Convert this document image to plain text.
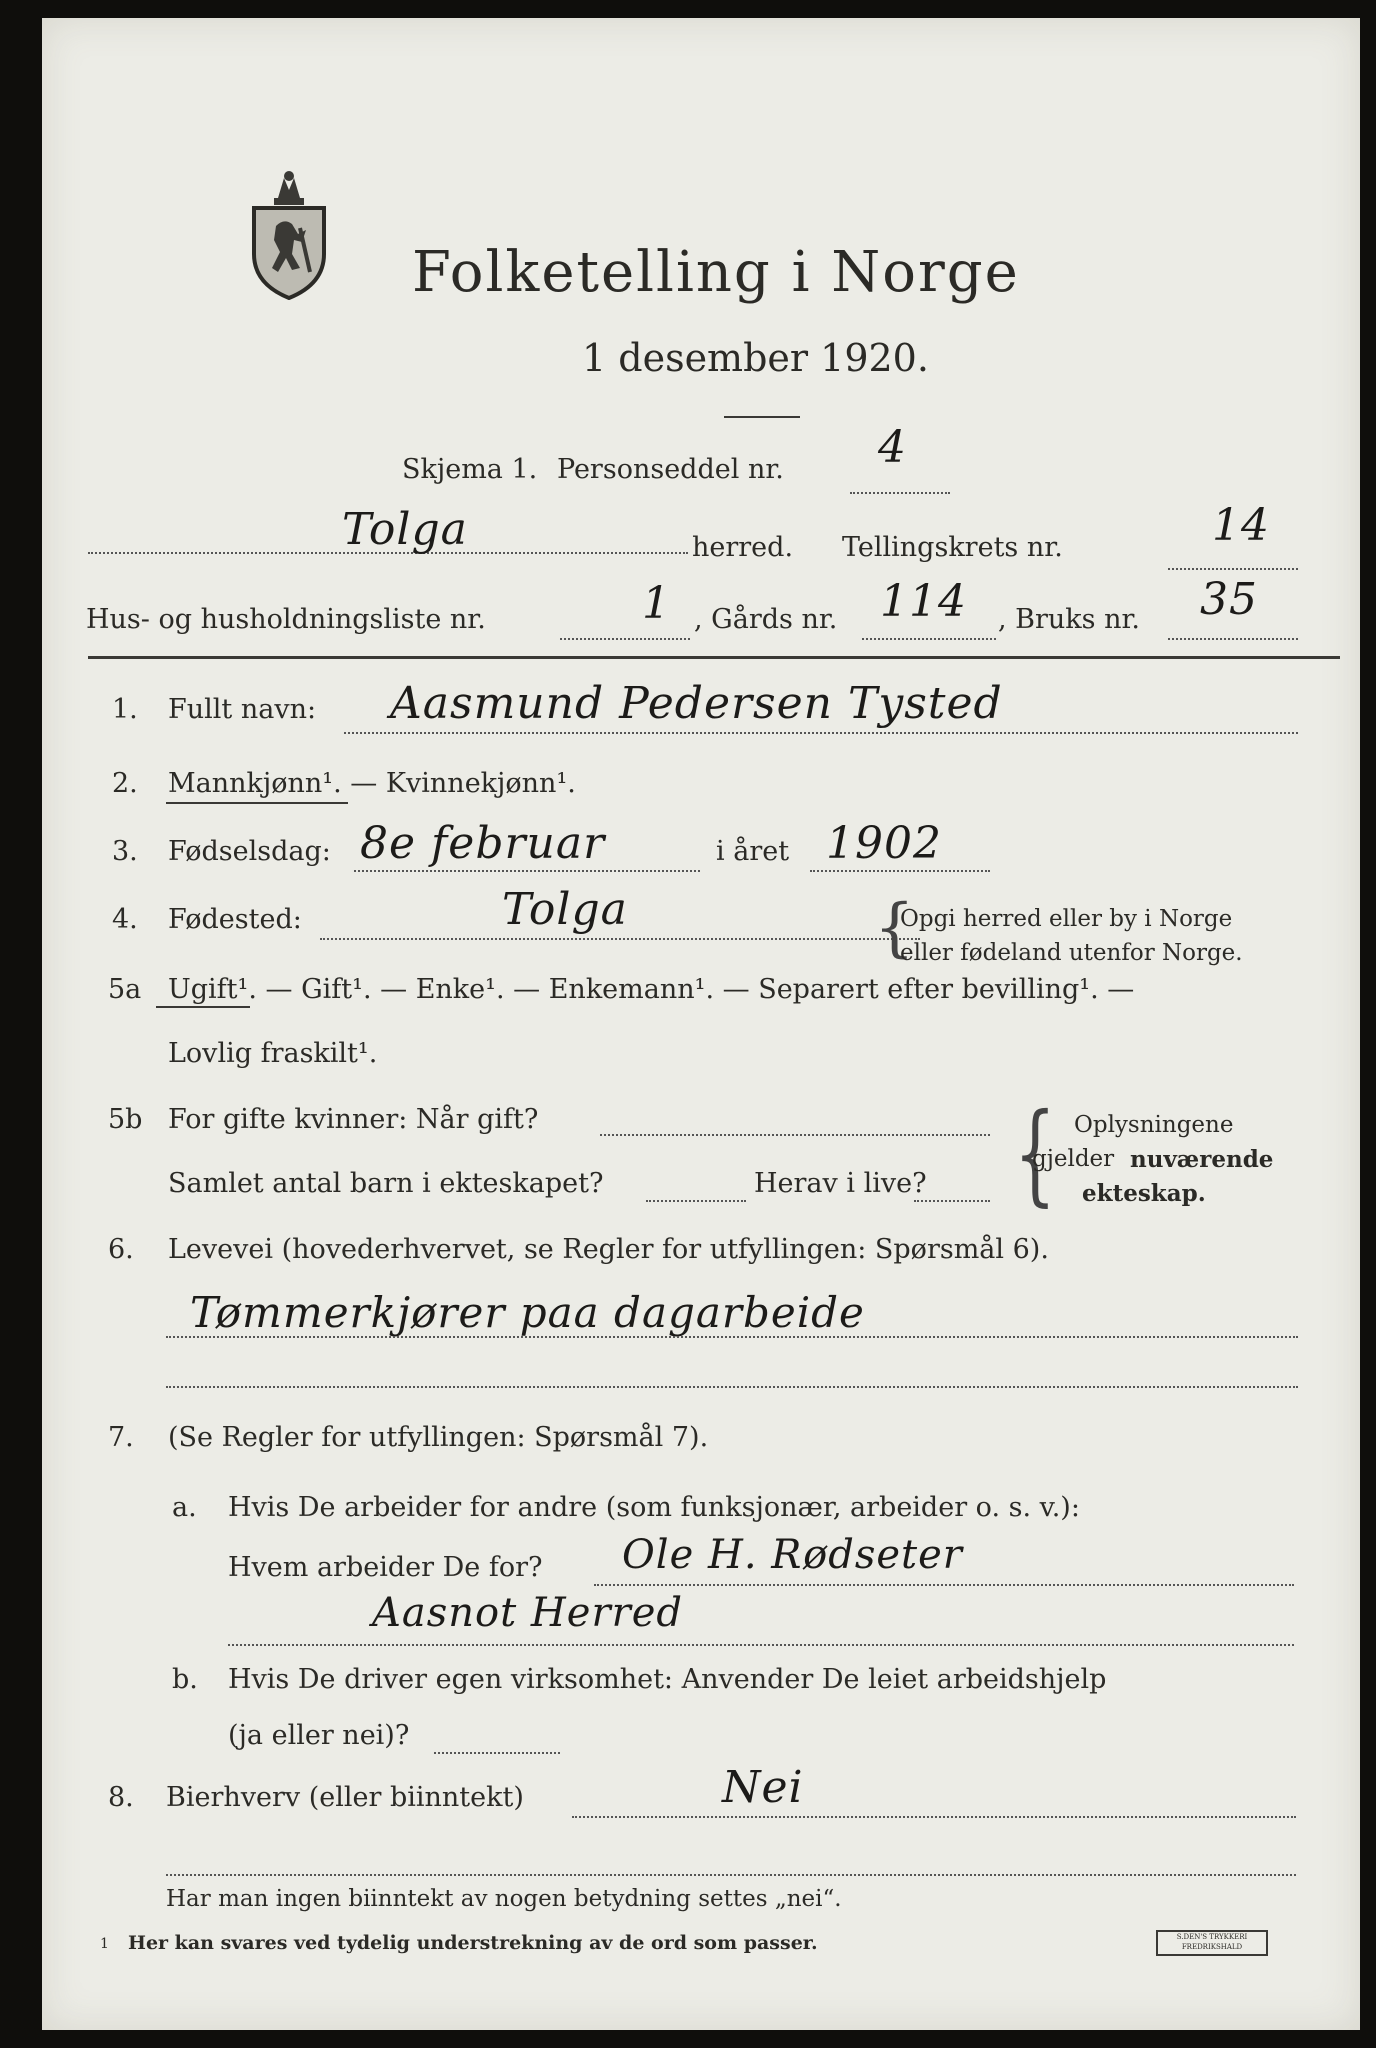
Folketelling i Norge
1 desember 1920.
Skjema 1. Personseddel nr. 4
Tolga	herred. Tellingskrets nr.	14
Hus- og husholdningsliste nr.	1 , Gårds nr. 114 , Bruks nr. 35
1. Fullt navn: Aasmund Pedersen Tysted
2. Mannkjønn¹. — Kvinnekjønn¹.
3. Fødselsdag: 8e februar	i året 1902
4. Fødested:	Tolga	{
Opgi herred eller by i Norge
eller fødeland utenfor Norge.
5a Ugift¹. — Gift¹. — Enke¹. — Enkemann¹. — Separert efter bevilling¹. —
Lovlig fraskilt¹.
5b For gifte kvinner: Når gift?
Samlet antal barn i ekteskapet?	Herav i live? { Oplysningene
gjelder nuværende
ekteskap.
6. Levevei (hovederhvervet, se Regler for utfyllingen: Spørsmål 6).
Tømmerkjører paa dagarbeide
7. (Se Regler for utfyllingen: Spørsmål 7).
a. Hvis De arbeider for andre (som funksjonær, arbeider o. s. v.):
Hvem arbeider De for? Ole H. Rødseter
Aasnot Herred
b. Hvis De driver egen virksomhet: Anvender De leiet arbeidshjelp
(ja eller nei)?
8. Bierhverv (eller biinntekt)	Nei
Har man ingen biinntekt av nogen betydning settes „nei“.
1 Her kan svares ved tydelig understrekning av de ord som passer.	S.DEN'S TRYKKERI FREDRIKSHALD
